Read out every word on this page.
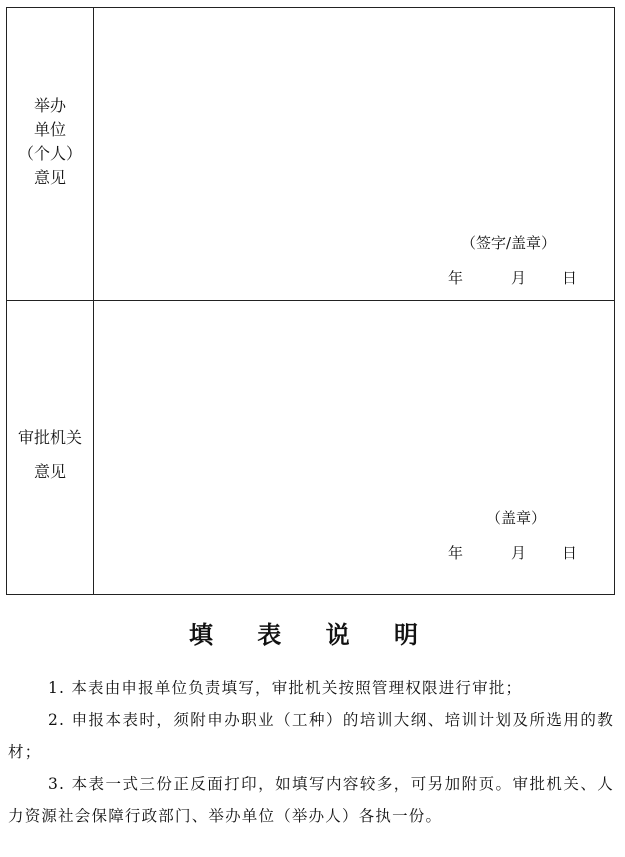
举办
单位
（个人）
意见
（签字/盖章）
年	月 日
审批机关
意见
（盖章）
年	月 日
填 表 说 明

1. 本表由申报单位负责填写，审批机关按照管理权限进行审批；

2. 申报本表时，须附申办职业（工种）的培训大纲、培训计划及所选用的教材；

3. 本表一式三份正反面打印，如填写内容较多，可另加附页。审批机关、人力资源社会保障行政部门、举办单位（举办人）各执一份。
